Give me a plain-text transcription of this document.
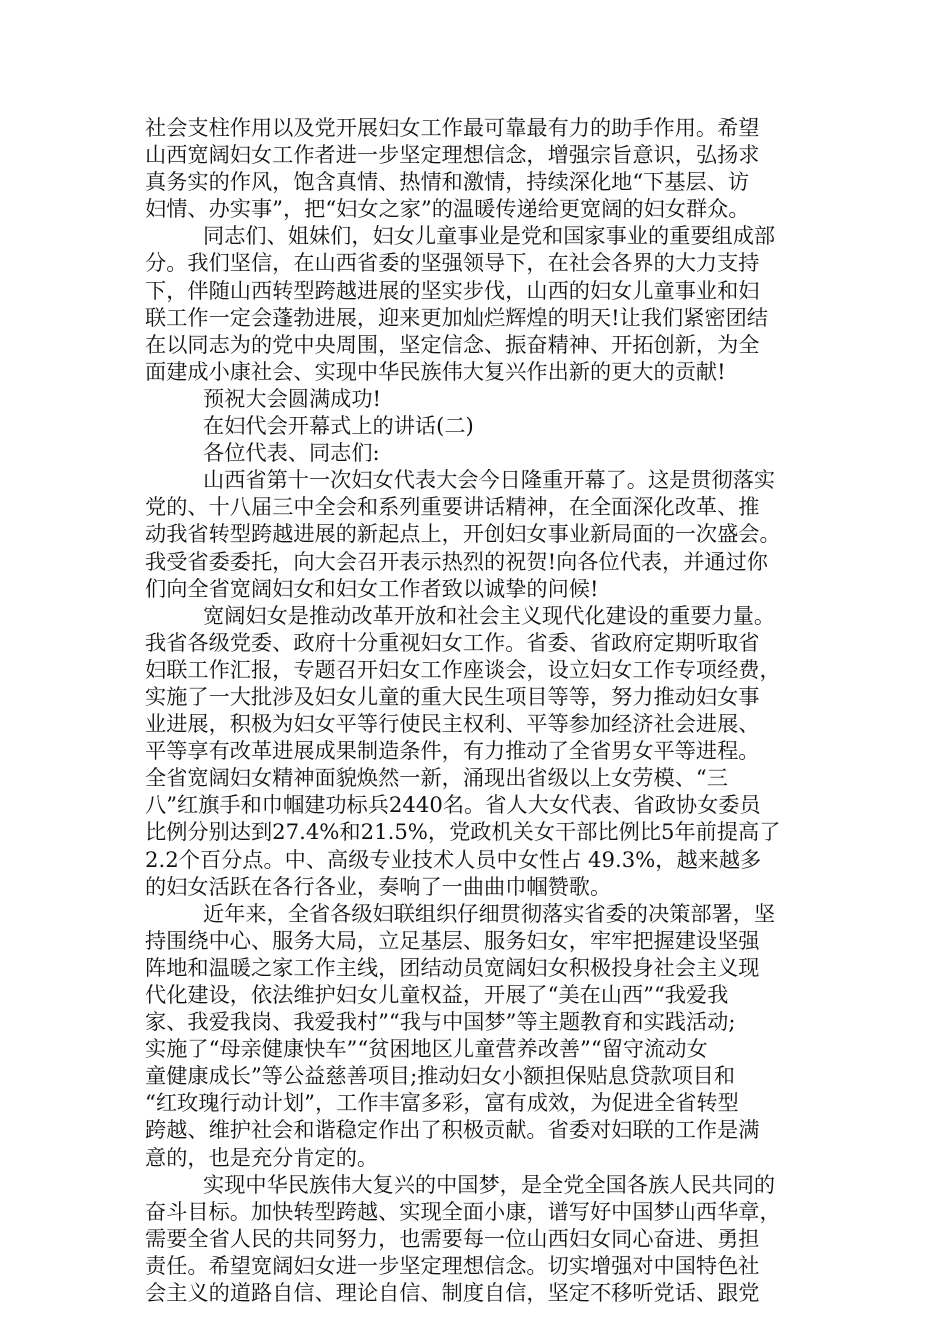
社会支柱作用以及党开展妇女工作最可靠最有力的助手作用。希望
山西宽阔妇女工作者进一步坚定理想信念，增强宗旨意识，弘扬求
真务实的作风，饱含真情、热情和激情，持续深化地“下基层、访
妇情、办实事”，把“妇女之家”的温暖传递给更宽阔的妇女群众。
同志们、姐妹们，妇女儿童事业是党和国家事业的重要组成部
分。我们坚信，在山西省委的坚强领导下，在社会各界的大力支持
下，伴随山西转型跨越进展的坚实步伐，山西的妇女儿童事业和妇
联工作一定会蓬勃进展，迎来更加灿烂辉煌的明天!让我们紧密团结
在以同志为的党中央周围，坚定信念、振奋精神、开拓创新，为全
面建成小康社会、实现中华民族伟大复兴作出新的更大的贡献!
预祝大会圆满成功!
在妇代会开幕式上的讲话(二)
各位代表、同志们:
山西省第十一次妇女代表大会今日隆重开幕了。这是贯彻落实
党的、十八届三中全会和系列重要讲话精神，在全面深化改革、推
动我省转型跨越进展的新起点上，开创妇女事业新局面的一次盛会。
我受省委委托，向大会召开表示热烈的祝贺!向各位代表，并通过你
们向全省宽阔妇女和妇女工作者致以诚挚的问候!
宽阔妇女是推动改革开放和社会主义现代化建设的重要力量。
我省各级党委、政府十分重视妇女工作。省委、省政府定期听取省
妇联工作汇报，专题召开妇女工作座谈会，设立妇女工作专项经费，
实施了一大批涉及妇女儿童的重大民生项目等等，努力推动妇女事
业进展，积极为妇女平等行使民主权利、平等参加经济社会进展、
平等享有改革进展成果制造条件，有力推动了全省男女平等进程。
全省宽阔妇女精神面貌焕然一新，涌现出省级以上女劳模、“三
八”红旗手和巾帼建功标兵2440名。省人大女代表、省政协女委员
比例分别达到27.4%和21.5%，党政机关女干部比例比5年前提高了
2.2个百分点。中、高级专业技术人员中女性占 49.3%，越来越多
的妇女活跃在各行各业，奏响了一曲曲巾帼赞歌。
近年来，全省各级妇联组织仔细贯彻落实省委的决策部署，坚
持围绕中心、服务大局，立足基层、服务妇女，牢牢把握建设坚强
阵地和温暖之家工作主线，团结动员宽阔妇女积极投身社会主义现
代化建设，依法维护妇女儿童权益，开展了“美在山西”“我爱我
家、我爱我岗、我爱我村”“我与中国梦”等主题教育和实践活动;
实施了“母亲健康快车”“贫困地区儿童营养改善”“留守流动女
童健康成长”等公益慈善项目;推动妇女小额担保贴息贷款项目和
“红玫瑰行动计划”，工作丰富多彩，富有成效，为促进全省转型
跨越、维护社会和谐稳定作出了积极贡献。省委对妇联的工作是满
意的，也是充分肯定的。
实现中华民族伟大复兴的中国梦，是全党全国各族人民共同的
奋斗目标。加快转型跨越、实现全面小康，谱写好中国梦山西华章，
需要全省人民的共同努力，也需要每一位山西妇女同心奋进、勇担
责任。希望宽阔妇女进一步坚定理想信念。切实增强对中国特色社
会主义的道路自信、理论自信、制度自信，坚定不移听党话、跟党
